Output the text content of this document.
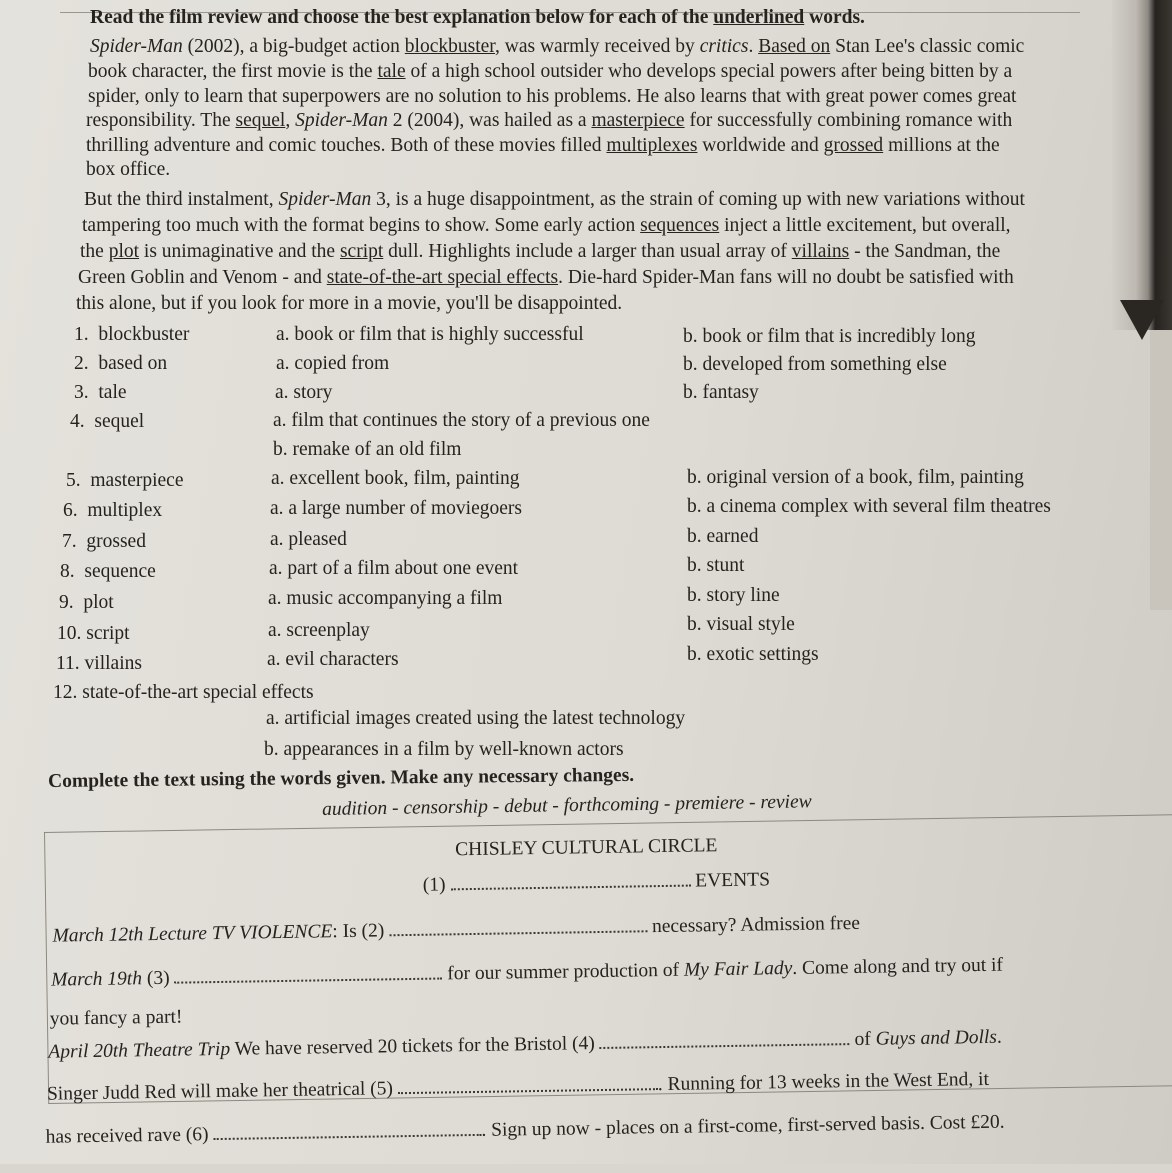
Read the film review and choose the best explanation below for each of the underlined words.
Spider-Man (2002), a big-budget action blockbuster, was warmly received by critics. Based on Stan Lee's classic comic
book character, the first movie is the tale of a high school outsider who develops special powers after being bitten by a
spider, only to learn that superpowers are no solution to his problems. He also learns that with great power comes great
responsibility. The sequel, Spider-Man 2 (2004), was hailed as a masterpiece for successfully combining romance with
thrilling adventure and comic touches. Both of these movies filled multiplexes worldwide and grossed millions at the
box office.
But the third instalment, Spider-Man 3, is a huge disappointment, as the strain of coming up with new variations without
tampering too much with the format begins to show. Some early action sequences inject a little excitement, but overall,
the plot is unimaginative and the script dull. Highlights include a larger than usual array of villains - the Sandman, the
Green Goblin and Venom - and state-of-the-art special effects. Die-hard Spider-Man fans will no doubt be satisfied with
this alone, but if you look for more in a movie, you'll be disappointed.
1. blockbuster	a. book or film that is highly successful	b. book or film that is incredibly long
2. based on	a. copied from	b. developed from something else
3. tale	a. story	b. fantasy
4. sequel	a. film that continues the story of a previous one
b. remake of an old film
5. masterpiece	a. excellent book, film, painting	b. original version of a book, film, painting
6. multiplex	a. a large number of moviegoers	b. a cinema complex with several film theatres
7. grossed	a. pleased	b. earned
8. sequence	a. part of a film about one event	b. stunt
9. plot	a. music accompanying a film	b. story line
10. script	a. screenplay	b. visual style
11. villains	a. evil characters	b. exotic settings
12. state-of-the-art special effects
a. artificial images created using the latest technology
b. appearances in a film by well-known actors
Complete the text using the words given. Make any necessary changes.
audition - censorship - debut - forthcoming - premiere - review
CHISLEY CULTURAL CIRCLE
(1)	EVENTS
March 12th Lecture TV VIOLENCE: Is (2)	necessary? Admission free
March 19th (3)	for our summer production of My Fair Lady. Come along and try out if
you fancy a part!
April 20th Theatre Trip We have reserved 20 tickets for the Bristol (4)	of Guys and Dolls.
Singer Judd Red will make her theatrical (5)	. Running for 13 weeks in the West End, it
has received rave (6)	. Sign up now - places on a first-come, first-served basis. Cost £20.
